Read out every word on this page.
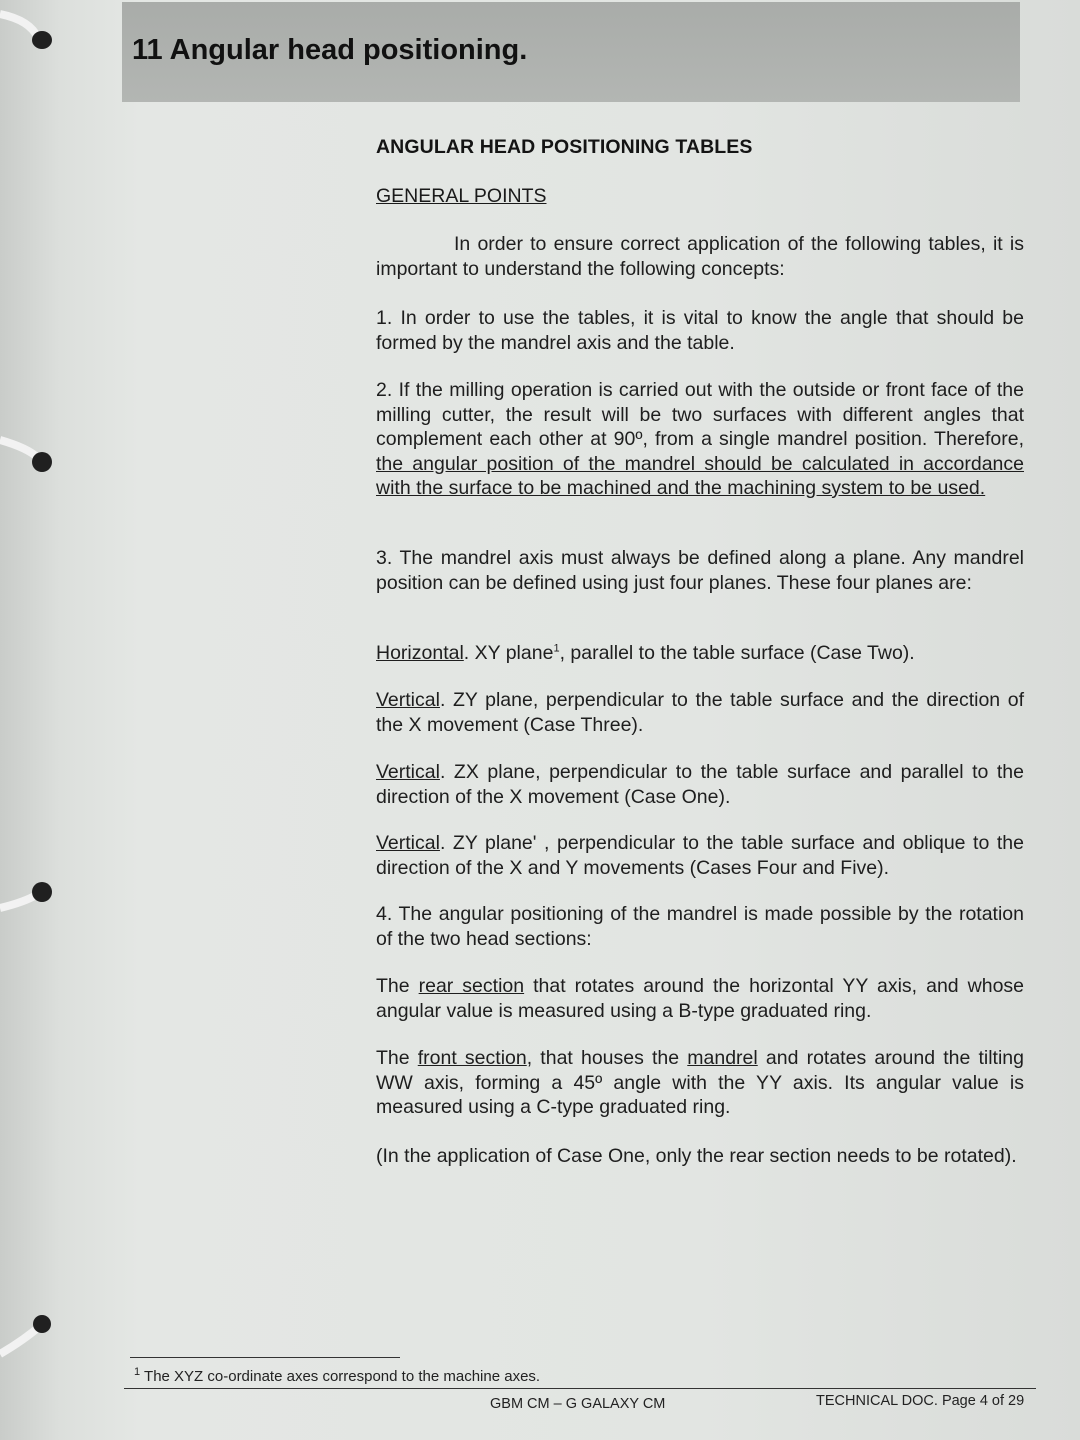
11 Angular head positioning.
ANGULAR HEAD POSITIONING TABLES
GENERAL POINTS
In order to ensure correct application of the following tables, it is important to understand the following concepts:
1. In order to use the tables, it is vital to know the angle that should be formed by the mandrel axis and the table.
2. If the milling operation is carried out with the outside or front face of the milling cutter, the result will be two surfaces with different angles that complement each other at 90º, from a single mandrel position. Therefore, the angular position of the mandrel should be calculated in accordance with the surface to be machined and the machining system to be used.
3. The mandrel axis must always be defined along a plane. Any mandrel position can be defined using just four planes. These four planes are:
Horizontal. XY plane$^1$, parallel to the table surface (Case Two).
Vertical. ZY plane, perpendicular to the table surface and the direction of the X movement (Case Three).
Vertical. ZX plane, perpendicular to the table surface and parallel to the direction of the X movement (Case One).
Vertical. ZY plane' , perpendicular to the table surface and oblique to the direction of the X and Y movements (Cases Four and Five).
4. The angular positioning of the mandrel is made possible by the rotation of the two head sections:
The rear section that rotates around the horizontal YY axis, and whose angular value is measured using a B-type graduated ring.
The front section, that houses the mandrel and rotates around the tilting WW axis, forming a 45º angle with the YY axis. Its angular value is measured using a C-type graduated ring.
(In the application of Case One, only the rear section needs to be rotated).
$^1$ The XYZ co-ordinate axes correspond to the machine axes.
GBM CM – G GALAXY CM	TECHNICAL DOC. Page 4 of 29
